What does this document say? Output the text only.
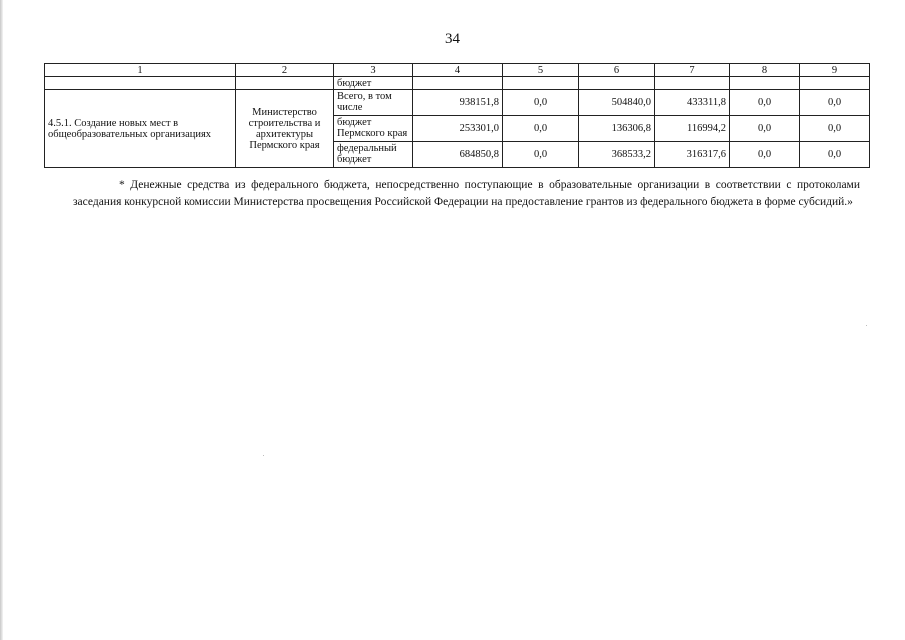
34
1	2	3	4	5	6	7	8	9
		бюджет						
4.5.1. Создание новых мест в общеобразовательных организациях	Министерство строительства и архитектуры Пермского края	Всего, в том числе	938151,8	0,0	504840,0	433311,8	0,0	0,0
		бюджет Пермского края	253301,0	0,0	136306,8	116994,2	0,0	0,0
		федеральный бюджет	684850,8	0,0	368533,2	316317,6	0,0	0,0
* Денежные средства из федерального бюджета, непосредственно поступающие в образовательные организации в соответствии с протоколами заседания конкурсной комиссии Министерства просвещения Российской Федерации на предоставление грантов из федерального бюджета в форме субсидий.»
